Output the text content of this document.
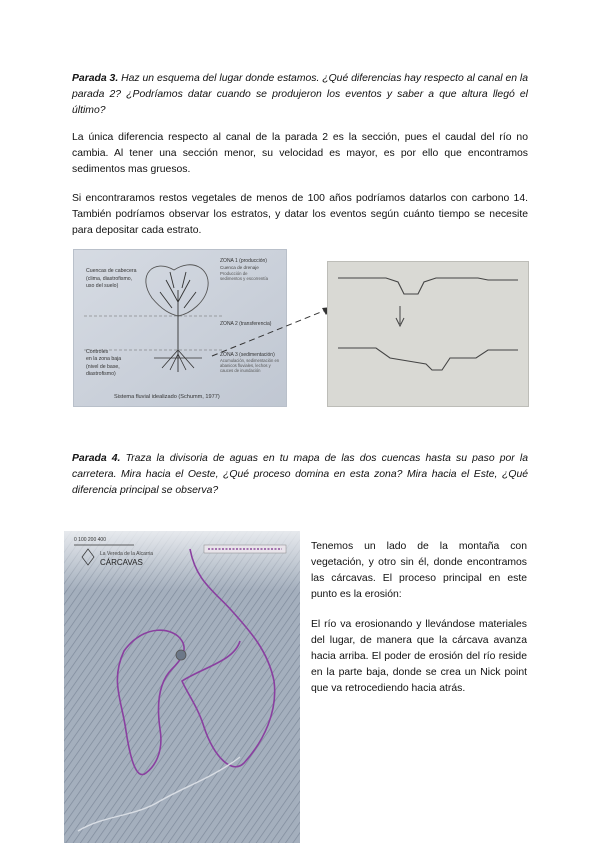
Parada 3. Haz un esquema del lugar donde estamos. ¿Qué diferencias hay respecto al canal en la parada 2? ¿Podríamos datar cuando se produjeron los eventos y saber a que altura llegó el último?

La única diferencia respecto al canal de la parada 2 es la sección, pues el caudal del río no cambia. Al tener una sección menor, su velocidad es mayor, es por ello que encontramos sedimentos mas gruesos.

Si encontraramos restos vegetales de menos de 100 años podríamos datarlos con carbono 14. También podríamos observar los estratos, y datar los eventos según cuánto tiempo se necesite para depositar cada estrato.

Cuencas de cabecera
(clima, diastrofismo,
uso del suelo)
Controles
en la zona baja
(nivel de base,
diastrofismo)
ZONA 1 (producción)
Cuenca de drenaje
Producción de
sedimentos y escorrentía
ZONA 2 (transferencia)
ZONA 3 (sedimentación)
Acumulación, sedimentación en
abanicos fluviales, lechos y
cauces de inundación
Sistema fluvial idealizado (Schumm, 1977)

Parada 4. Traza la divisoria de aguas en tu mapa de las dos cuencas hasta su paso por la carretera. Mira hacia el Oeste, ¿Qué proceso domina en esta zona? Mira hacia el Este, ¿Qué diferencia principal se observa?

0 100 200 400
La Vereda de la Alcarria
CÁRCAVAS

Tenemos un lado de la montaña con vegetación, y otro sin él, donde encontramos las cárcavas. El proceso principal en este punto es la erosión:

El río va erosionando y llevándose materiales del lugar, de manera que la cárcava avanza hacia arriba. El poder de erosión del río reside en la parte baja, donde se crea un Nick point que va retrocediendo hacia atrás.
